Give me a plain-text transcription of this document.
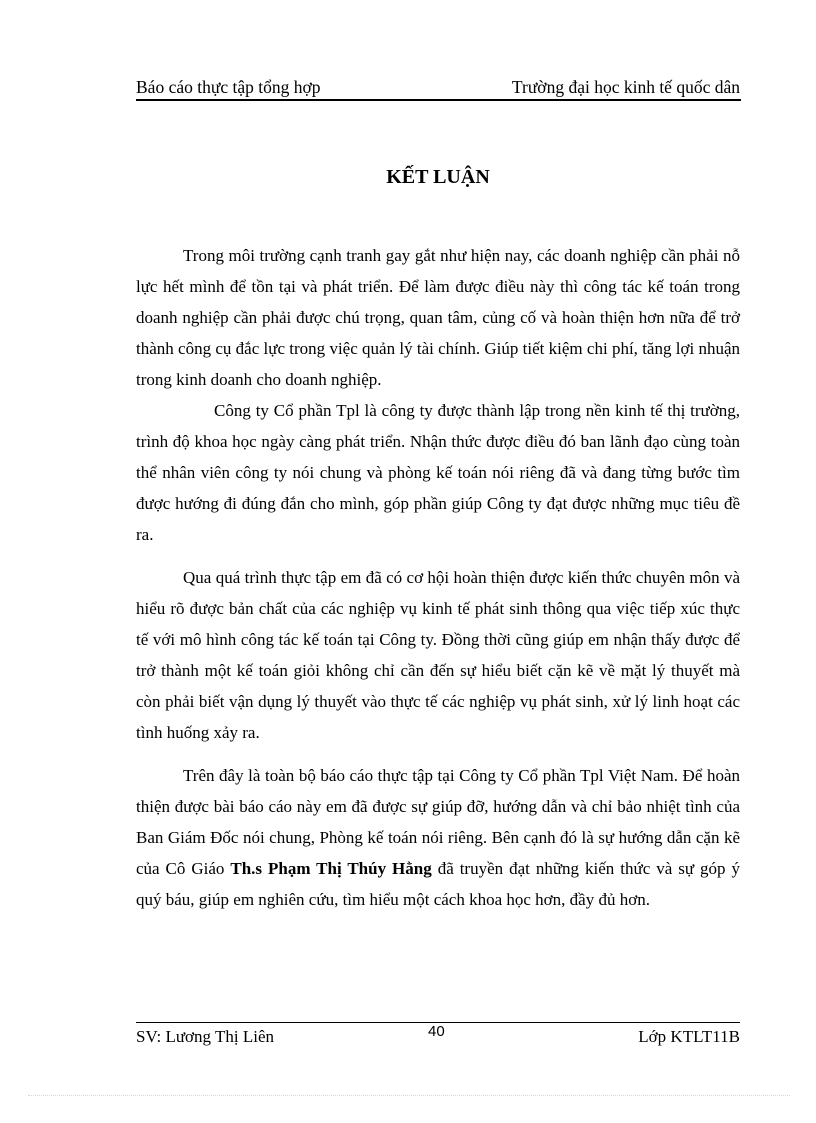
Báo cáo thực tập tổng hợp	Trường đại học kinh tế quốc dân
KẾT LUẬN

Trong môi trường cạnh tranh gay gắt như hiện nay, các doanh nghiệp cần phải nỗ lực hết mình để tồn tại và phát triển. Để làm được điều này thì công tác kế toán trong doanh nghiệp cần phải được chú trọng, quan tâm, củng cố và hoàn thiện hơn nữa để trở thành công cụ đắc lực trong việc quản lý tài chính. Giúp tiết kiệm chi phí, tăng lợi nhuận trong kinh doanh cho doanh nghiệp.

Công ty Cổ phần Tpl là công ty được thành lập trong nền kinh tế thị trường, trình độ khoa học ngày càng phát triển. Nhận thức được điều đó ban lãnh đạo cùng toàn thể nhân viên công ty nói chung và phòng kế toán nói riêng đã và đang từng bước tìm được hướng đi đúng đắn cho mình, góp phần giúp Công ty đạt được những mục tiêu đề ra.

Qua quá trình thực tập em đã có cơ hội hoàn thiện được kiến thức chuyên môn và hiểu rõ được bản chất của các nghiệp vụ kinh tế phát sinh thông qua việc tiếp xúc thực tế với mô hình công tác kế toán tại Công ty. Đồng thời cũng giúp em nhận thấy được để trở thành một kế toán giỏi không chỉ cần đến sự hiểu biết cặn kẽ về mặt lý thuyết mà còn phải biết vận dụng lý thuyết vào thực tế các nghiệp vụ phát sinh, xử lý linh hoạt các tình huống xảy ra.

Trên đây là toàn bộ báo cáo thực tập tại Công ty Cổ phần Tpl Việt Nam. Để hoàn thiện được bài báo cáo này em đã được sự giúp đỡ, hướng dẫn và chỉ bảo nhiệt tình của Ban Giám Đốc nói chung, Phòng kế toán nói riêng. Bên cạnh đó là sự hướng dẫn cặn kẽ của Cô Giáo Th.s Phạm Thị Thúy Hằng đã truyền đạt những kiến thức và sự góp ý quý báu, giúp em nghiên cứu, tìm hiểu một cách khoa học hơn, đầy đủ hơn.

SV: Lương Thị Liên	40	Lớp KTLT11B
